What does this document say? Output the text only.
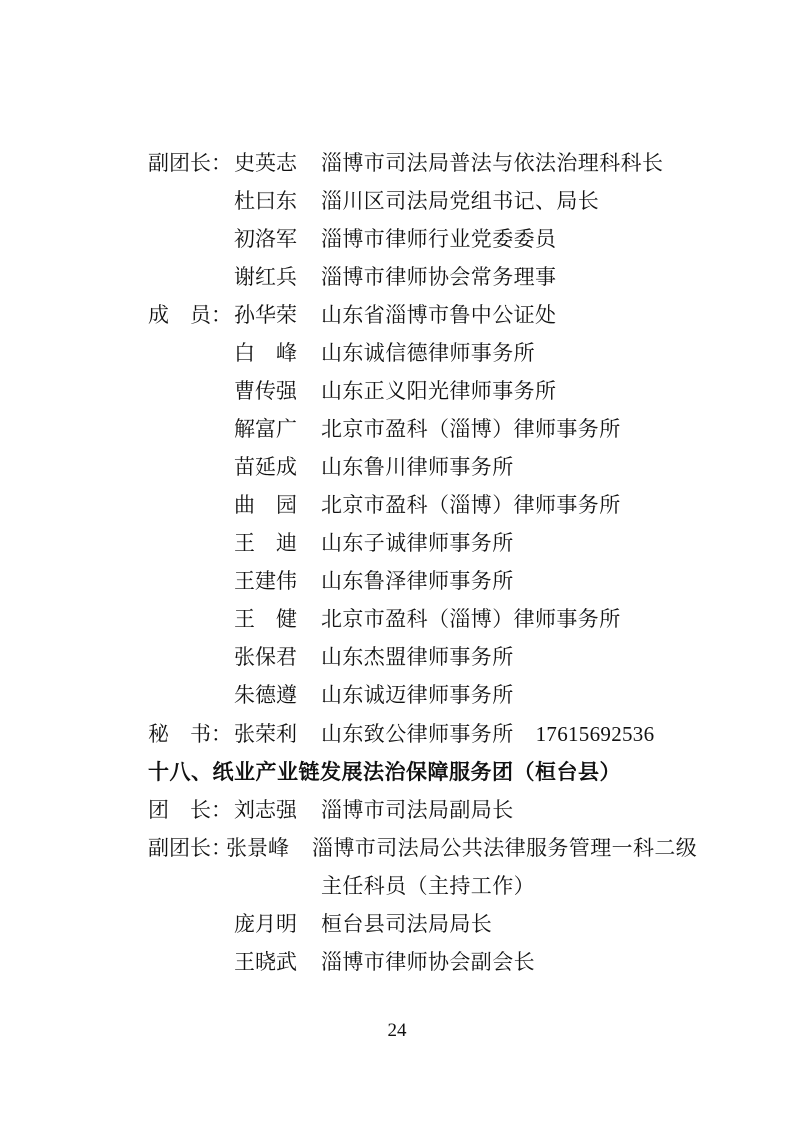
副团长： 史英志 淄博市司法局普法与依法治理科科长
杜曰东 淄川区司法局党组书记、局长
初洛军 淄博市律师行业党委委员
谢红兵 淄博市律师协会常务理事
成　员： 孙华荣 山东省淄博市鲁中公证处
白　峰 山东诚信德律师事务所
曹传强 山东正义阳光律师事务所
解富广 北京市盈科（淄博）律师事务所
苗延成 山东鲁川律师事务所
曲　园 北京市盈科（淄博）律师事务所
王　迪 山东子诚律师事务所
王建伟 山东鲁泽律师事务所
王　健 北京市盈科（淄博）律师事务所
张保君 山东杰盟律师事务所
朱德遵 山东诚迈律师事务所
秘　书： 张荣利 山东致公律师事务所 17615692536
十八、纸业产业链发展法治保障服务团（桓台县）
团　长： 刘志强 淄博市司法局副局长
副团长：
张景峰 淄博市司法局公共法律服务管理一科二级
主任科员（主持工作）
庞月明 桓台县司法局局长
王晓武 淄博市律师协会副会长
24
